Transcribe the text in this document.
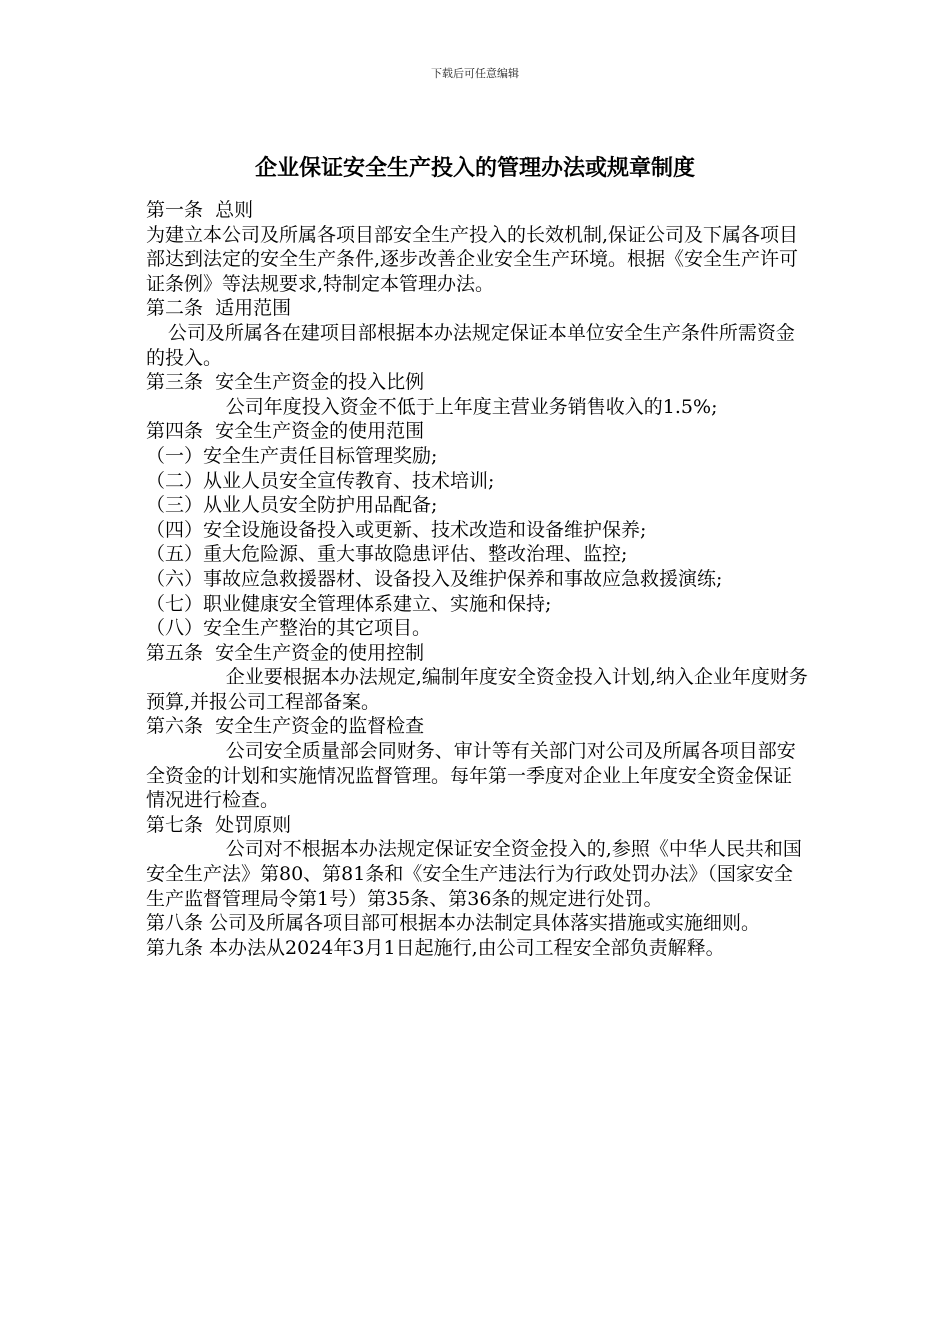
下载后可任意编辑
企业保证安全生产投入的管理办法或规章制度

第一条  总则

为建立本公司及所属各项目部安全生产投入的长效机制,保证公司及下属各项目部达到法定的安全生产条件,逐步改善企业安全生产环境。根据《安全生产许可证条例》等法规要求,特制定本管理办法。

第二条  适用范围

公司及所属各在建项目部根据本办法规定保证本单位安全生产条件所需资金的投入。

第三条  安全生产资金的投入比例

公司年度投入资金不低于上年度主营业务销售收入的1.5%;

第四条  安全生产资金的使用范围

（一）安全生产责任目标管理奖励;

（二）从业人员安全宣传教育、技术培训;

（三）从业人员安全防护用品配备;

（四）安全设施设备投入或更新、技术改造和设备维护保养;

（五）重大危险源、重大事故隐患评估、整改治理、监控;

（六）事故应急救援器材、设备投入及维护保养和事故应急救援演练;

（七）职业健康安全管理体系建立、实施和保持;

（八）安全生产整治的其它项目。

第五条  安全生产资金的使用控制

企业要根据本办法规定,编制年度安全资金投入计划,纳入企业年度财务预算,并报公司工程部备案。

第六条  安全生产资金的监督检查

公司安全质量部会同财务、审计等有关部门对公司及所属各项目部安全资金的计划和实施情况监督管理。每年第一季度对企业上年度安全资金保证情况进行检查。

第七条  处罚原则

公司对不根据本办法规定保证安全资金投入的,参照《中华人民共和国安全生产法》第80、第81条和《安全生产违法行为行政处罚办法》（国家安全生产监督管理局令第1号）第35条、第36条的规定进行处罚。

第八条 公司及所属各项目部可根据本办法制定具体落实措施或实施细则。

第九条 本办法从2024年3月1日起施行,由公司工程安全部负责解释。
